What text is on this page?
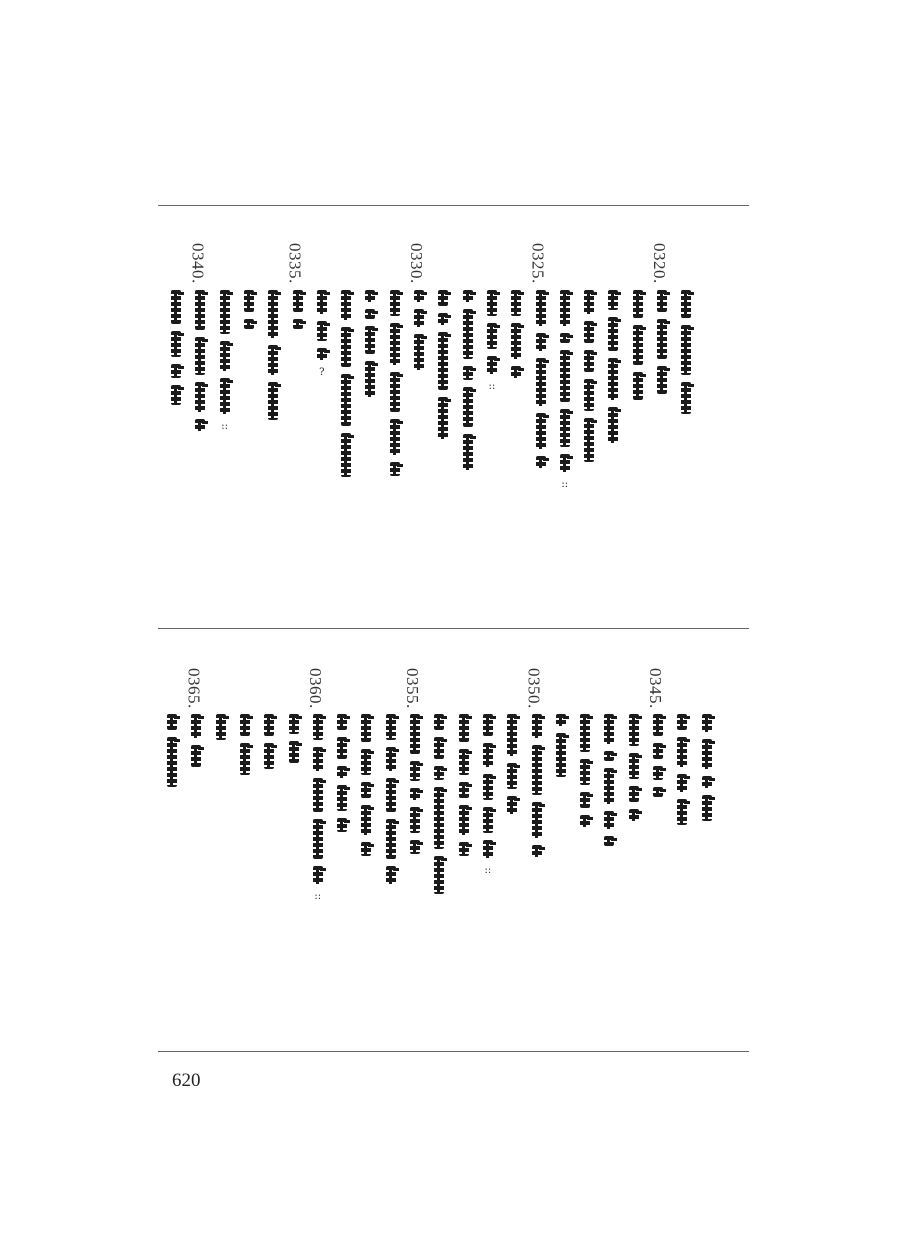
0340.
::
0335.
?
0330.
::
0325.
::
0320.
0365.	0360.
::
0355.
::
0350.	0345.
620
